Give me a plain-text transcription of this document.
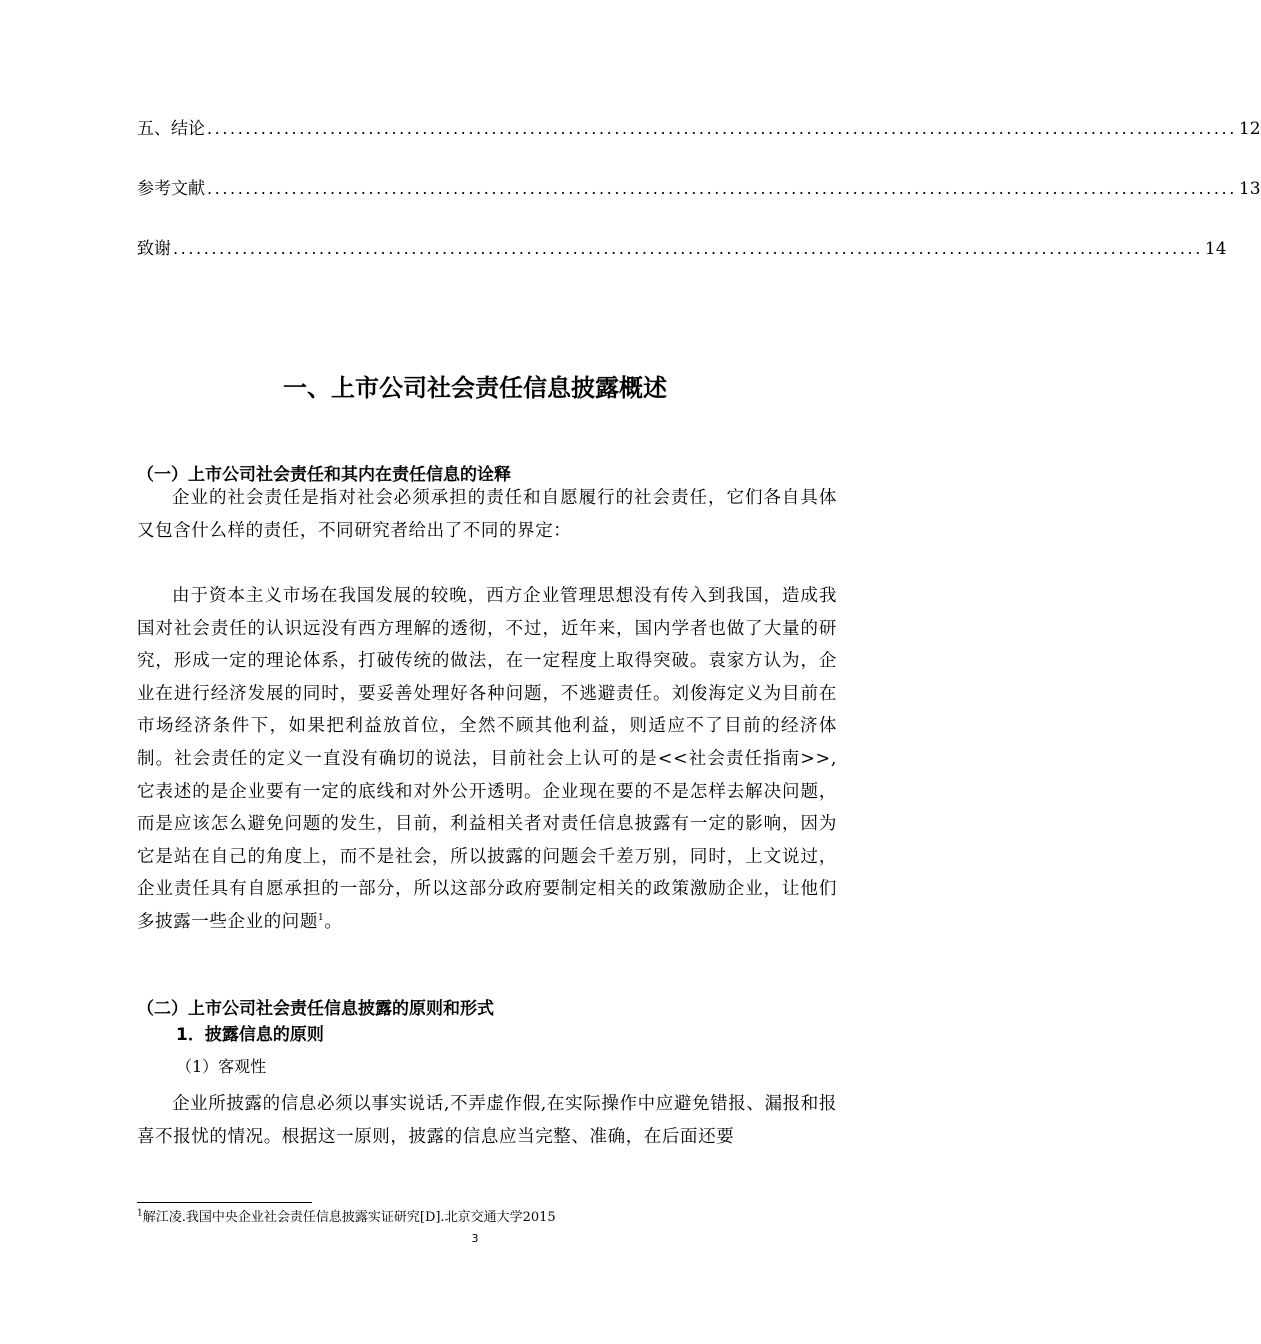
五、结论 ...................................................................................................................................... 12
参考文献 ...................................................................................................................................... 13
致谢 ...................................................................................................................................... 14
一、上市公司社会责任信息披露概述
（一）上市公司社会责任和其内在责任信息的诠释
企业的社会责任是指对社会必须承担的责任和自愿履行的社会责任，它们各自具体又包含什么样的责任，不同研究者给出了不同的界定：
由于资本主义市场在我国发展的较晚，西方企业管理思想没有传入到我国，造成我国对社会责任的认识远没有西方理解的透彻，不过，近年来，国内学者也做了大量的研究，形成一定的理论体系，打破传统的做法，在一定程度上取得突破。袁家方认为，企业在进行经济发展的同时，要妥善处理好各种问题，不逃避责任。刘俊海定义为目前在市场经济条件下，如果把利益放首位，全然不顾其他利益，则适应不了目前的经济体制。社会责任的定义一直没有确切的说法，目前社会上认可的是<<社会责任指南>>,它表述的是企业要有一定的底线和对外公开透明。企业现在要的不是怎样去解决问题，而是应该怎么避免问题的发生，目前，利益相关者对责任信息披露有一定的影响，因为它是站在自己的角度上，而不是社会，所以披露的问题会千差万别，同时，上文说过，企业责任具有自愿承担的一部分，所以这部分政府要制定相关的政策激励企业，让他们多披露一些企业的问题$^1$。
（二）上市公司社会责任信息披露的原则和形式
1．披露信息的原则
（1）客观性
企业所披露的信息必须以事实说话,不弄虚作假,在实际操作中应避免错报、漏报和报喜不报忧的情况。根据这一原则，披露的信息应当完整、准确，在后面还要
$^1$解江凌.我国中央企业社会责任信息披露实证研究[D].北京交通大学2015
3
